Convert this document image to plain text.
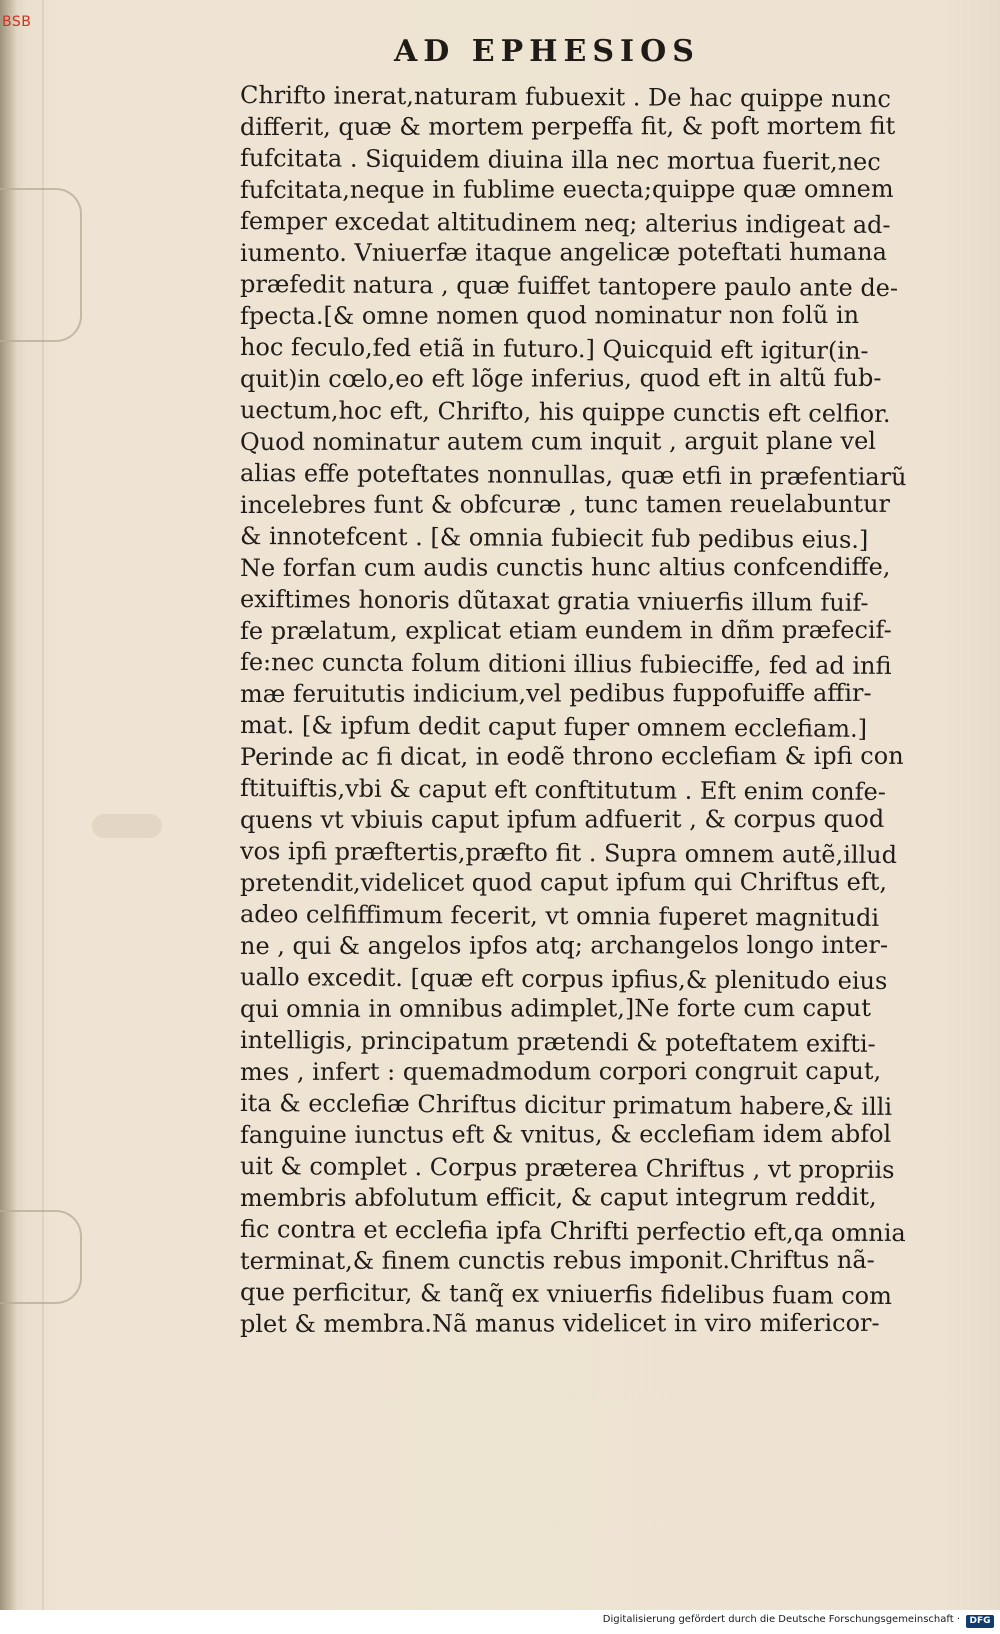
BSB
AD EPHESIOS
Chrifto inerat,naturam fubuexit . De hac quippe nunc
differit, quæ & mortem perpeffa fit, & poft mortem fit
fufcitata . Siquidem diuina illa nec mortua fuerit,nec
fufcitata,neque in fublime euecta;quippe quæ omnem
femper excedat altitudinem neq; alterius indigeat ad-
iumento. Vniuerfæ itaque angelicæ poteftati humana
præfedit natura , quæ fuiffet tantopere paulo ante de-
fpecta.[& omne nomen quod nominatur non folũ in
hoc feculo,fed etiã in futuro.] Quicquid eft igitur(in-
quit)in cœlo,eo eft lõge inferius, quod eft in altũ fub-
uectum,hoc eft, Chrifto, his quippe cunctis eft celfior.
Quod nominatur autem cum inquit , arguit plane vel
alias effe poteftates nonnullas, quæ etfi in præfentiarũ
incelebres funt & obfcuræ , tunc tamen reuelabuntur
& innotefcent . [& omnia fubiecit fub pedibus eius.]
Ne forfan cum audis cunctis hunc altius confcendiffe,
exiftimes honoris dũtaxat gratia vniuerfis illum fuif-
fe prælatum, explicat etiam eundem in dñm præfecif-
fe:nec cuncta folum ditioni illius fubieciffe, fed ad infi
mæ feruitutis indicium,vel pedibus fuppofuiffe affir-
mat. [& ipfum dedit caput fuper omnem ecclefiam.]
Perinde ac fi dicat, in eodẽ throno ecclefiam & ipfi con
ftituiftis,vbi & caput eft conftitutum . Eft enim confe-
quens vt vbiuis caput ipfum adfuerit , & corpus quod
vos ipfi præftertis,præfto fit . Supra omnem autẽ,illud
pretendit,videlicet quod caput ipfum qui Chriftus eft,
adeo celfiffimum fecerit, vt omnia fuperet magnitudi
ne , qui & angelos ipfos atq; archangelos longo inter-
uallo excedit. [quæ eft corpus ipfius,& plenitudo eius
qui omnia in omnibus adimplet,]Ne forte cum caput
intelligis, principatum prætendi & poteftatem exifti-
mes , infert : quemadmodum corpori congruit caput,
ita & ecclefiæ Chriftus dicitur primatum habere,& illi
fanguine iunctus eft & vnitus, & ecclefiam idem abfol
uit & complet . Corpus præterea Chriftus , vt propriis
membris abfolutum efficit, & caput integrum reddit,
fic contra et ecclefia ipfa Chrifti perfectio eft,qa omnia
terminat,& finem cunctis rebus imponit.Chriftus nã-
que perficitur, & tanq̃ ex vniuerfis fidelibus fuam com
plet & membra.Nã manus videlicet in viro mifericor-
Digitalisierung gefördert durch die Deutsche Forschungsgemeinschaft ·	DFG
